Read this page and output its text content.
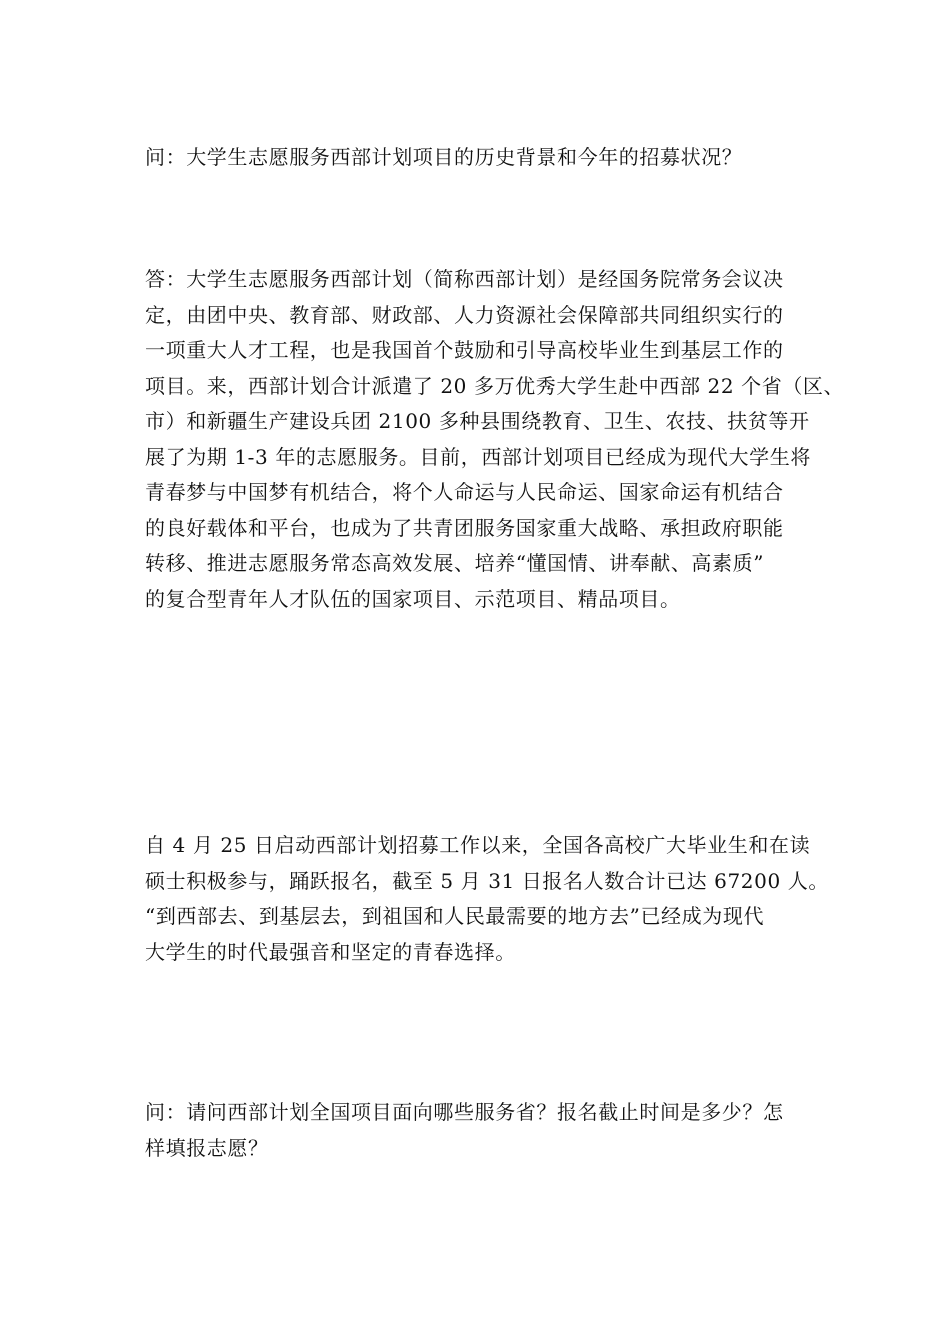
问：大学生志愿服务西部计划项目的历史背景和今年的招募状况？

答：大学生志愿服务西部计划（简称西部计划）是经国务院常务会议决
定，由团中央、教育部、财政部、人力资源社会保障部共同组织实行的
一项重大人才工程，也是我国首个鼓励和引导高校毕业生到基层工作的
项目。来，西部计划合计派遣了 20 多万优秀大学生赴中西部 22 个省（区、
市）和新疆生产建设兵团 2100 多种县围绕教育、卫生、农技、扶贫等开
展了为期 1-3 年的志愿服务。目前，西部计划项目已经成为现代大学生将
青春梦与中国梦有机结合，将个人命运与人民命运、国家命运有机结合
的良好载体和平台，也成为了共青团服务国家重大战略、承担政府职能
转移、推进志愿服务常态高效发展、培养“懂国情、讲奉献、高素质”
的复合型青年人才队伍的国家项目、示范项目、精品项目。

自 4 月 25 日启动西部计划招募工作以来，全国各高校广大毕业生和在读
硕士积极参与，踊跃报名，截至 5 月 31 日报名人数合计已达 67200 人。
“到西部去、到基层去，到祖国和人民最需要的地方去”已经成为现代
大学生的时代最强音和坚定的青春选择。

问：请问西部计划全国项目面向哪些服务省？报名截止时间是多少？怎
样填报志愿？
